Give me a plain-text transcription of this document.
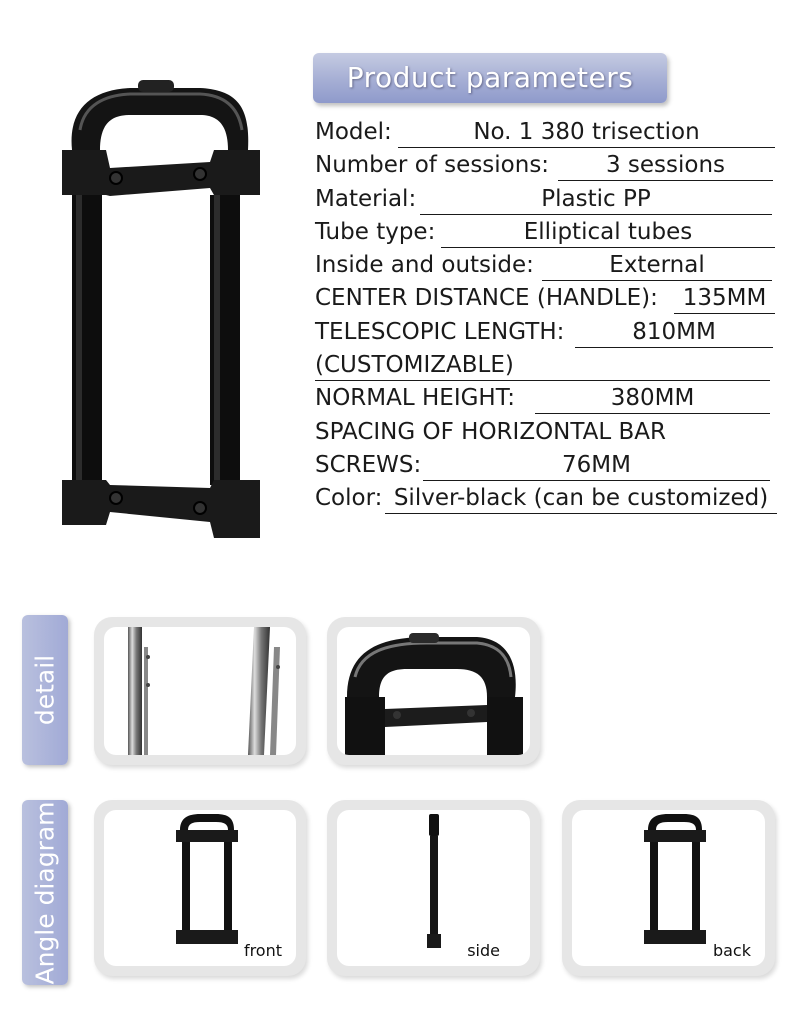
Product parameters
Model:	No. 1 380 trisection
Number of sessions:	3 sessions
Material:	Plastic PP
Tube type:	Elliptical tubes
Inside and outside:	External
CENTER DISTANCE (HANDLE):	135MM
TELESCOPIC LENGTH:	810MM
(CUSTOMIZABLE)
NORMAL HEIGHT:	380MM
SPACING OF HORIZONTAL BAR
SCREWS:	76MM
Color: Silver-black (can be customized)
detail
Angle diagram	front	side	back
